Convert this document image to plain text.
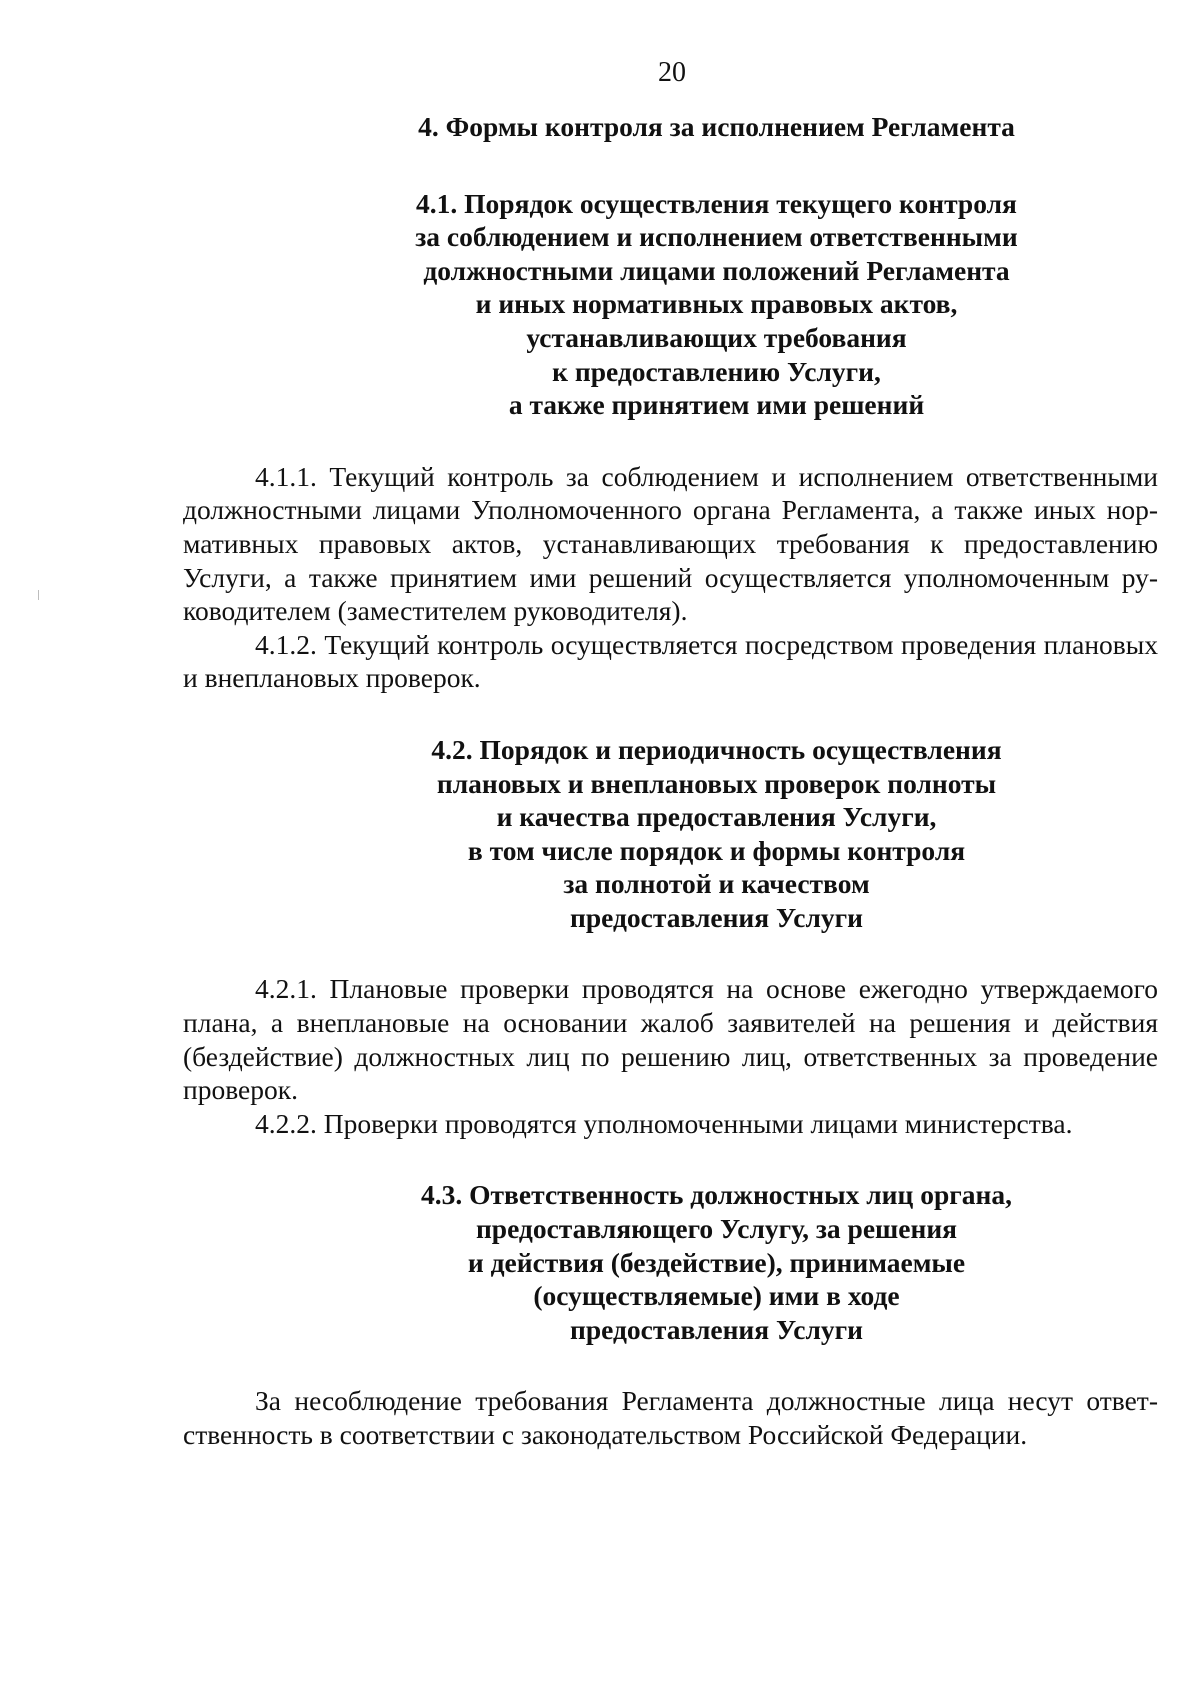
20

4. Формы контроля за исполнением Регламента

4.1. Порядок осуществления текущего контроля
за соблюдением и исполнением ответственными
должностными лицами положений Регламента
и иных нормативных правовых актов,
устанавливающих требования
к предоставлению Услуги,
а также принятием ими решений

4.1.1. Текущий контроль за соблюдением и исполнением ответственными должностными лицами Уполномоченного органа Регламента, а также иных нормативных правовых актов, устанавливающих требования к предоставлению Услуги, а также принятием ими решений осуществляется уполномоченным руководителем (заместителем руководителя).

4.1.2. Текущий контроль осуществляется посредством проведения плановых и внеплановых проверок.

4.2. Порядок и периодичность осуществления
плановых и внеплановых проверок полноты
и качества предоставления Услуги,
в том числе порядок и формы контроля
за полнотой и качеством
предоставления Услуги

4.2.1. Плановые проверки проводятся на основе ежегодно утверждаемого плана, а внеплановые на основании жалоб заявителей на решения и действия (бездействие) должностных лиц по решению лиц, ответственных за проведение проверок.

4.2.2. Проверки проводятся уполномоченными лицами министерства.

4.3. Ответственность должностных лиц органа,
предоставляющего Услугу, за решения
и действия (бездействие), принимаемые
(осуществляемые) ими в ходе
предоставления Услуги

За несоблюдение требования Регламента должностные лица несут ответственность в соответствии с законодательством Российской Федерации.
